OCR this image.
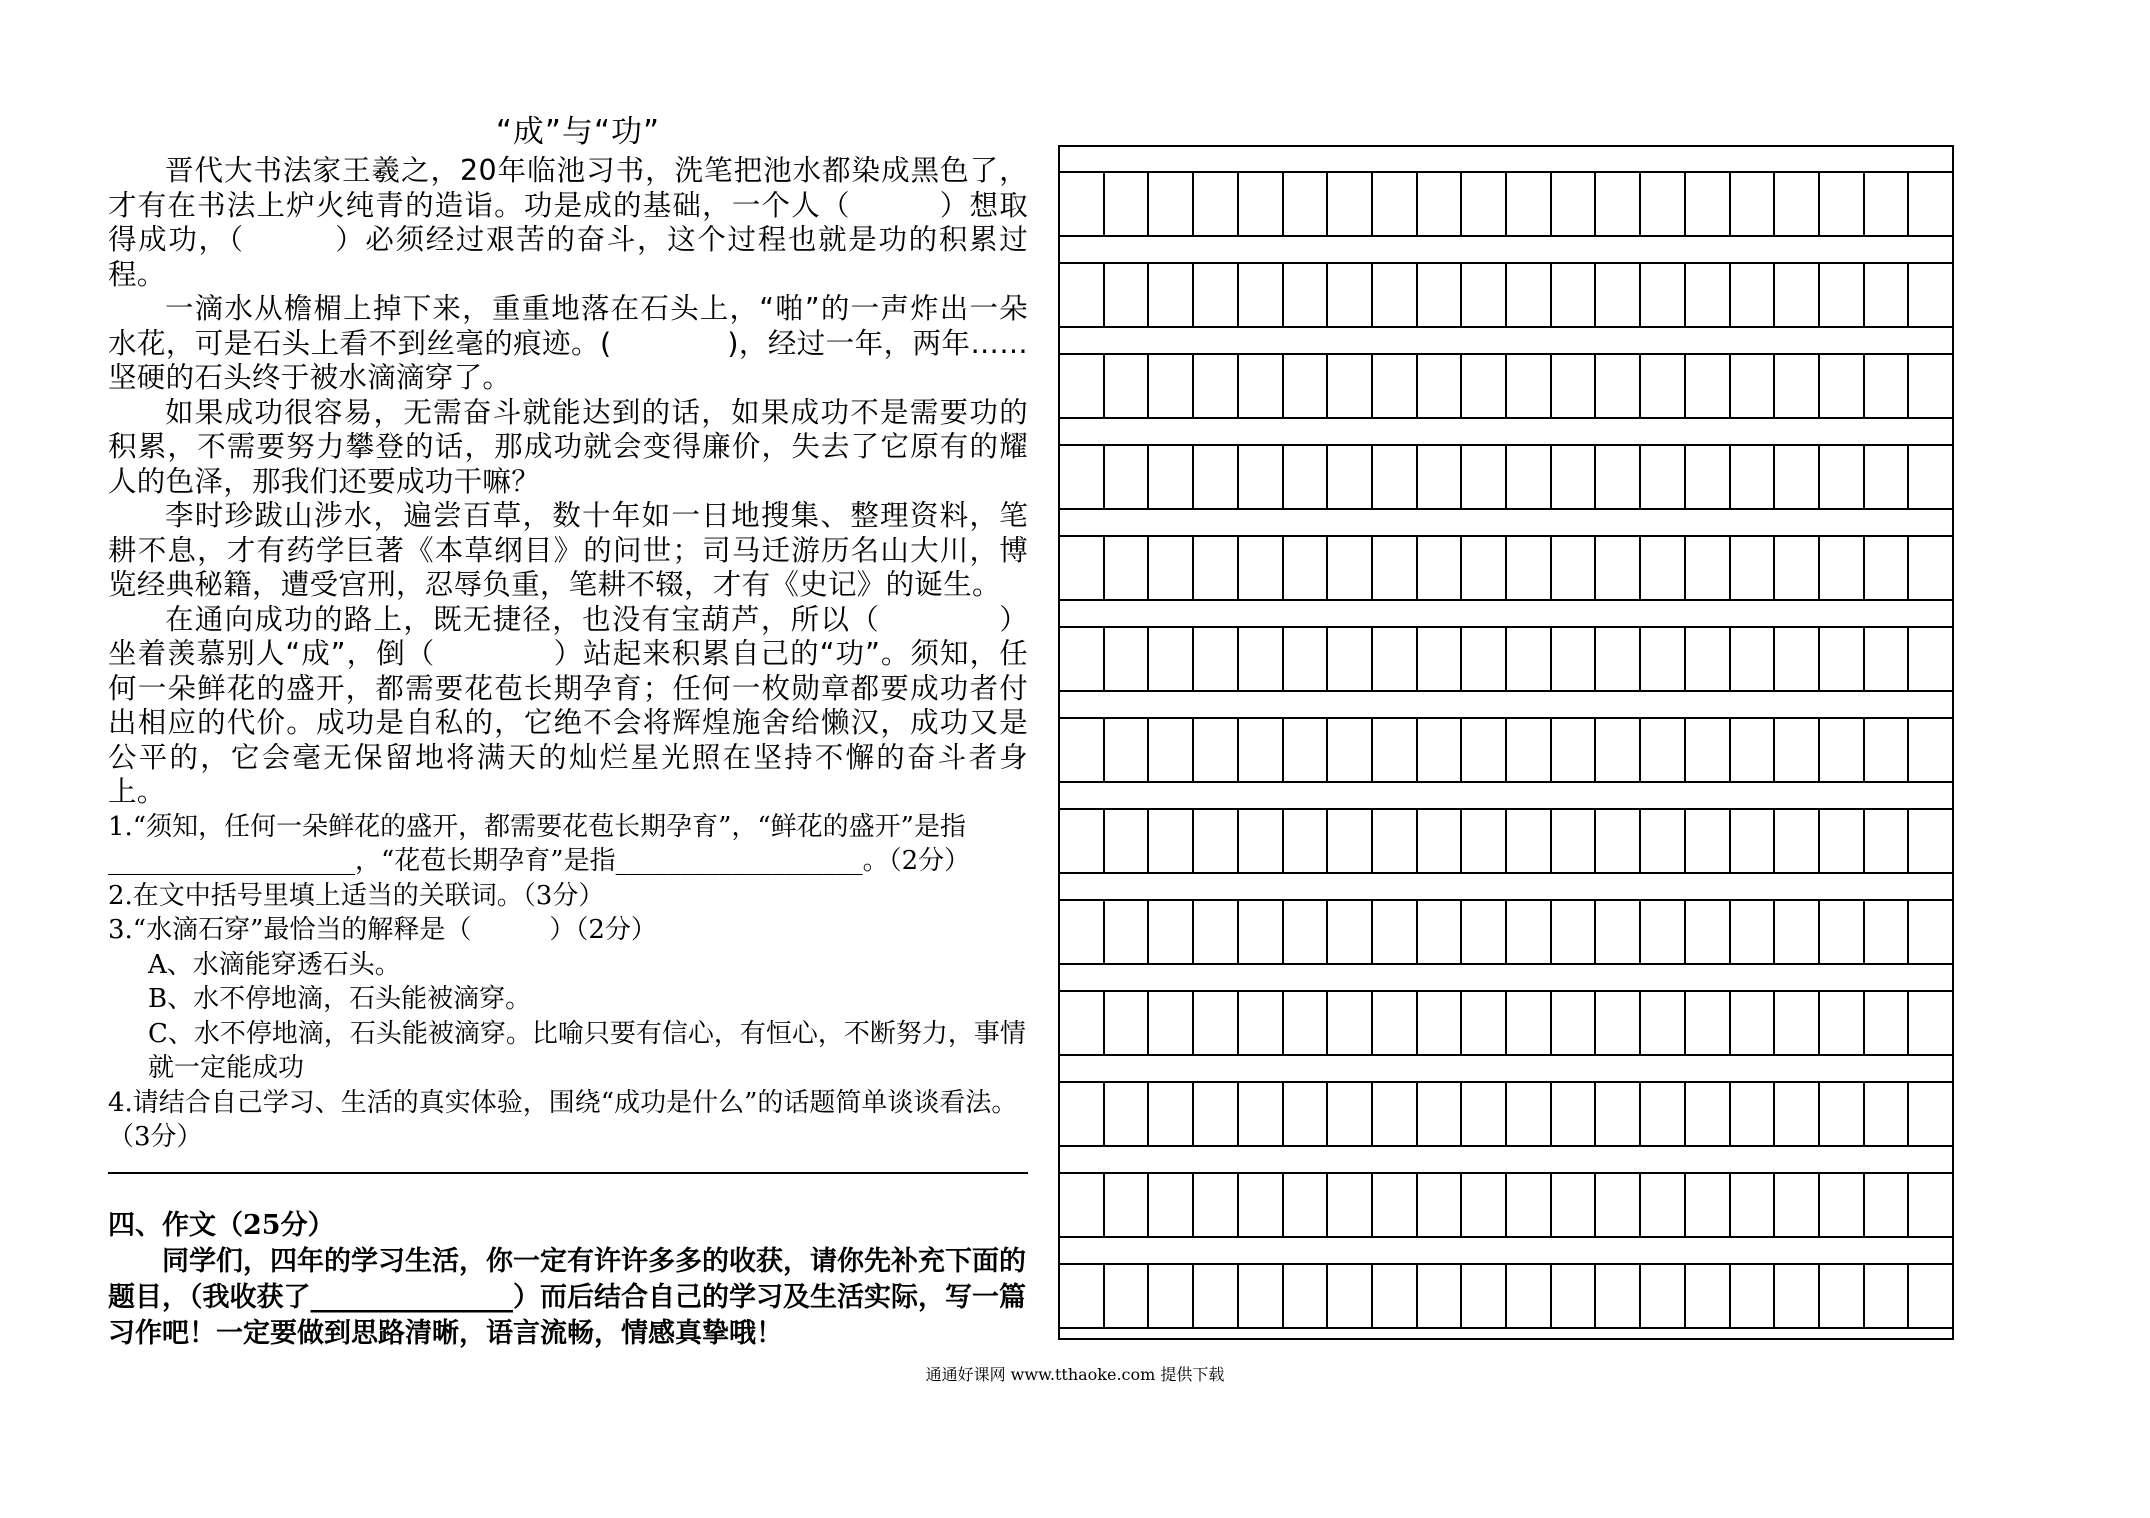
“成”与“功”

晋代大书法家王羲之，20年临池习书，洗笔把池水都染成黑色了，才有在书法上炉火纯青的造诣。功是成的基础，一个人（　　　）想取得成功，（　　　）必须经过艰苦的奋斗，这个过程也就是功的积累过程。

一滴水从檐楣上掉下来，重重地落在石头上，“啪”的一声炸出一朵水花，可是石头上看不到丝毫的痕迹。(　　　　)，经过一年，两年……坚硬的石头终于被水滴滴穿了。

如果成功很容易，无需奋斗就能达到的话，如果成功不是需要功的积累，不需要努力攀登的话，那成功就会变得廉价，失去了它原有的耀人的色泽，那我们还要成功干嘛？

李时珍跋山涉水，遍尝百草，数十年如一日地搜集、整理资料，笔耕不息，才有药学巨著《本草纲目》的问世；司马迁游历名山大川，博览经典秘籍，遭受宫刑，忍辱负重，笔耕不辍，才有《史记》的诞生。

在通向成功的路上，既无捷径，也没有宝葫芦，所以（　　　　）坐着羡慕别人“成”，倒（　　　　）站起来积累自己的“功”。须知，任何一朵鲜花的盛开，都需要花苞长期孕育；任何一枚勋章都要成功者付出相应的代价。成功是自私的，它绝不会将辉煌施舍给懒汉，成功又是公平的，它会毫无保留地将满天的灿烂星光照在坚持不懈的奋斗者身上。

1.“须知，任何一朵鲜花的盛开，都需要花苞长期孕育”，“鲜花的盛开”是指___________________，“花苞长期孕育”是指___________________。（2分）

2.在文中括号里填上适当的关联词。（3分）

3.“水滴石穿”最恰当的解释是（　　　）（2分）

A、水滴能穿透石头。

B、水不停地滴，石头能被滴穿。

C、水不停地滴，石头能被滴穿。比喻只要有信心，有恒心，不断努力，事情就一定能成功

4.请结合自己学习、生活的真实体验，围绕“成功是什么”的话题简单谈谈看法。（3分）

四、作文（25分）

同学们，四年的学习生活，你一定有许许多多的收获，请你先补充下面的题目，（我收获了_______________）而后结合自己的学习及生活实际，写一篇习作吧！一定要做到思路清晰，语言流畅，情感真挚哦！

通通好课网 www.tthaoke.com 提供下载
